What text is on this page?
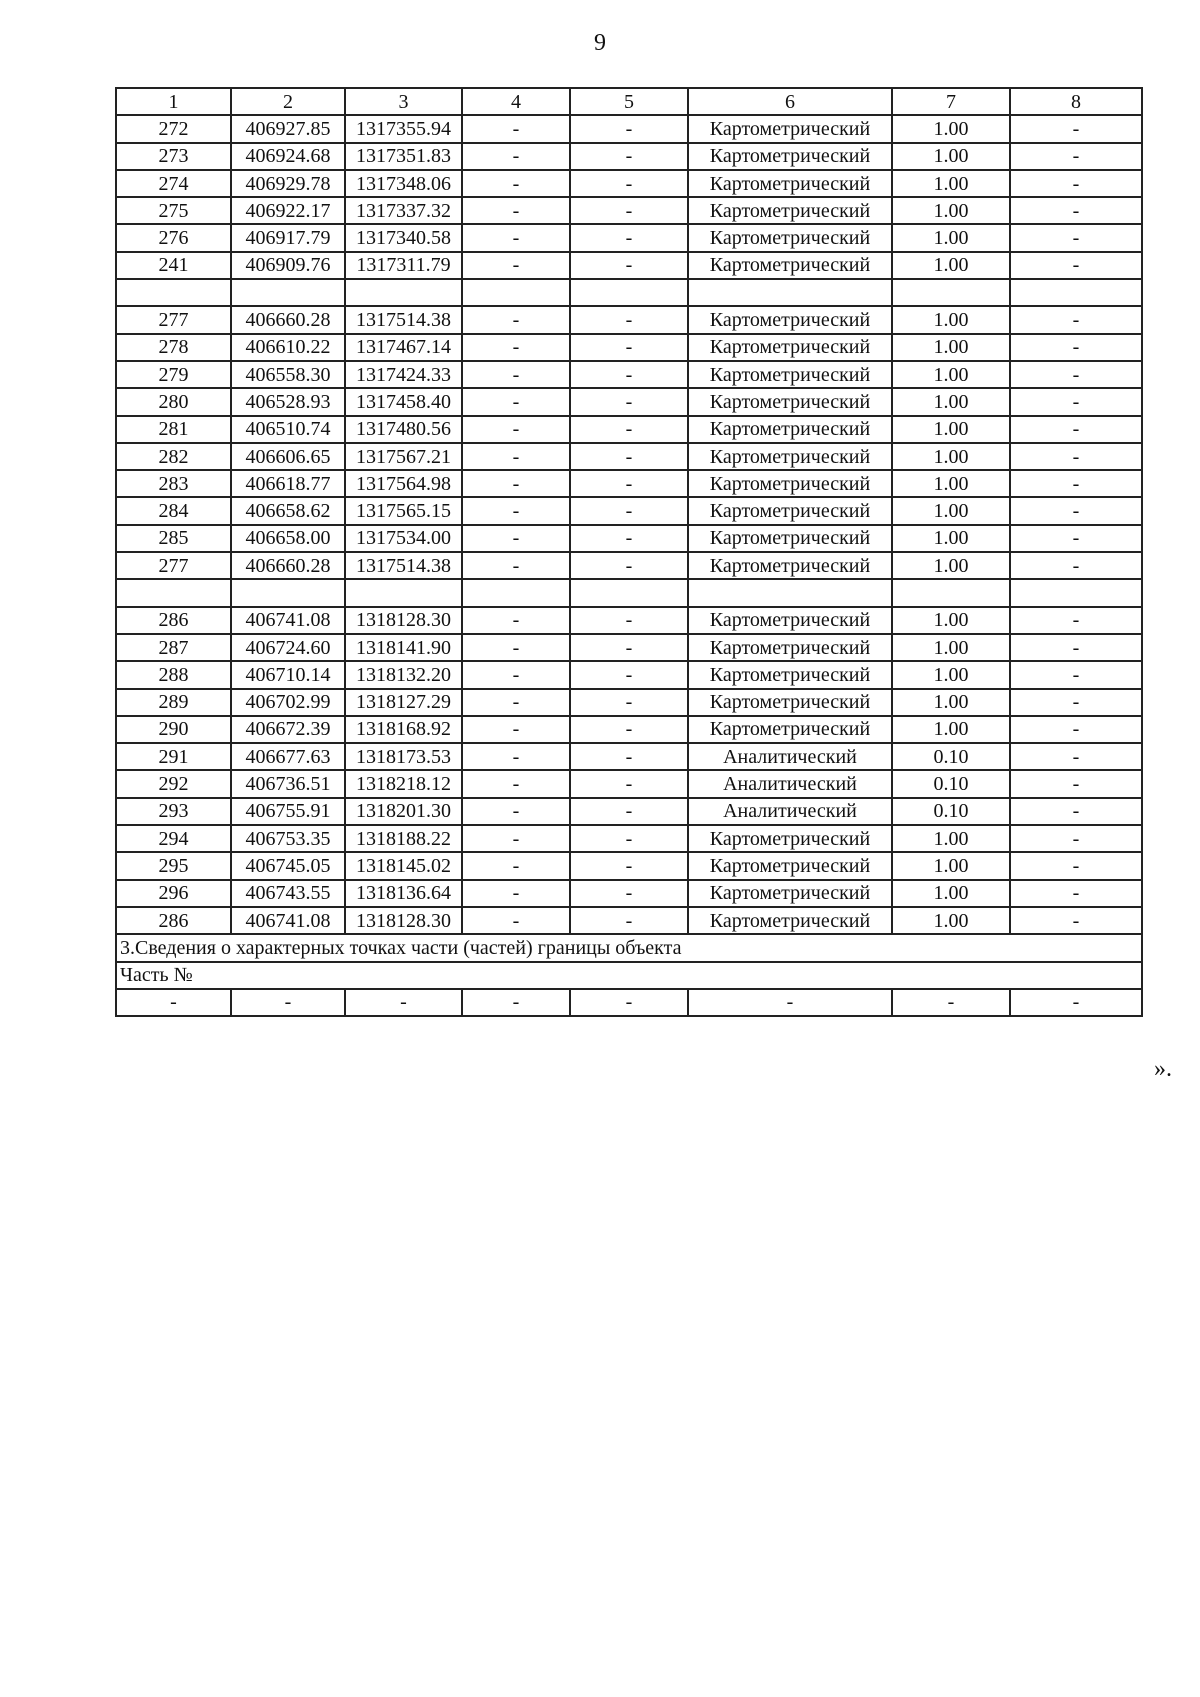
9
1	2	3	4	5	6	7	8
272	406927.85	1317355.94	-	-	Картометрический	1.00	-
273	406924.68	1317351.83	-	-	Картометрический	1.00	-
274	406929.78	1317348.06	-	-	Картометрический	1.00	-
275	406922.17	1317337.32	-	-	Картометрический	1.00	-
276	406917.79	1317340.58	-	-	Картометрический	1.00	-
241	406909.76	1317311.79	-	-	Картометрический	1.00	-

277	406660.28	1317514.38	-	-	Картометрический	1.00	-
278	406610.22	1317467.14	-	-	Картометрический	1.00	-
279	406558.30	1317424.33	-	-	Картометрический	1.00	-
280	406528.93	1317458.40	-	-	Картометрический	1.00	-
281	406510.74	1317480.56	-	-	Картометрический	1.00	-
282	406606.65	1317567.21	-	-	Картометрический	1.00	-
283	406618.77	1317564.98	-	-	Картометрический	1.00	-
284	406658.62	1317565.15	-	-	Картометрический	1.00	-
285	406658.00	1317534.00	-	-	Картометрический	1.00	-
277	406660.28	1317514.38	-	-	Картометрический	1.00	-

286	406741.08	1318128.30	-	-	Картометрический	1.00	-
287	406724.60	1318141.90	-	-	Картометрический	1.00	-
288	406710.14	1318132.20	-	-	Картометрический	1.00	-
289	406702.99	1318127.29	-	-	Картометрический	1.00	-
290	406672.39	1318168.92	-	-	Картометрический	1.00	-
291	406677.63	1318173.53	-	-	Аналитический	0.10	-
292	406736.51	1318218.12	-	-	Аналитический	0.10	-
293	406755.91	1318201.30	-	-	Аналитический	0.10	-
294	406753.35	1318188.22	-	-	Картометрический	1.00	-
295	406745.05	1318145.02	-	-	Картометрический	1.00	-
296	406743.55	1318136.64	-	-	Картометрический	1.00	-
286	406741.08	1318128.30	-	-	Картометрический	1.00	-
3.Сведения о характерных точках части (частей) границы объекта							
Часть №							
-	-	-	-	-	-	-	-
».
